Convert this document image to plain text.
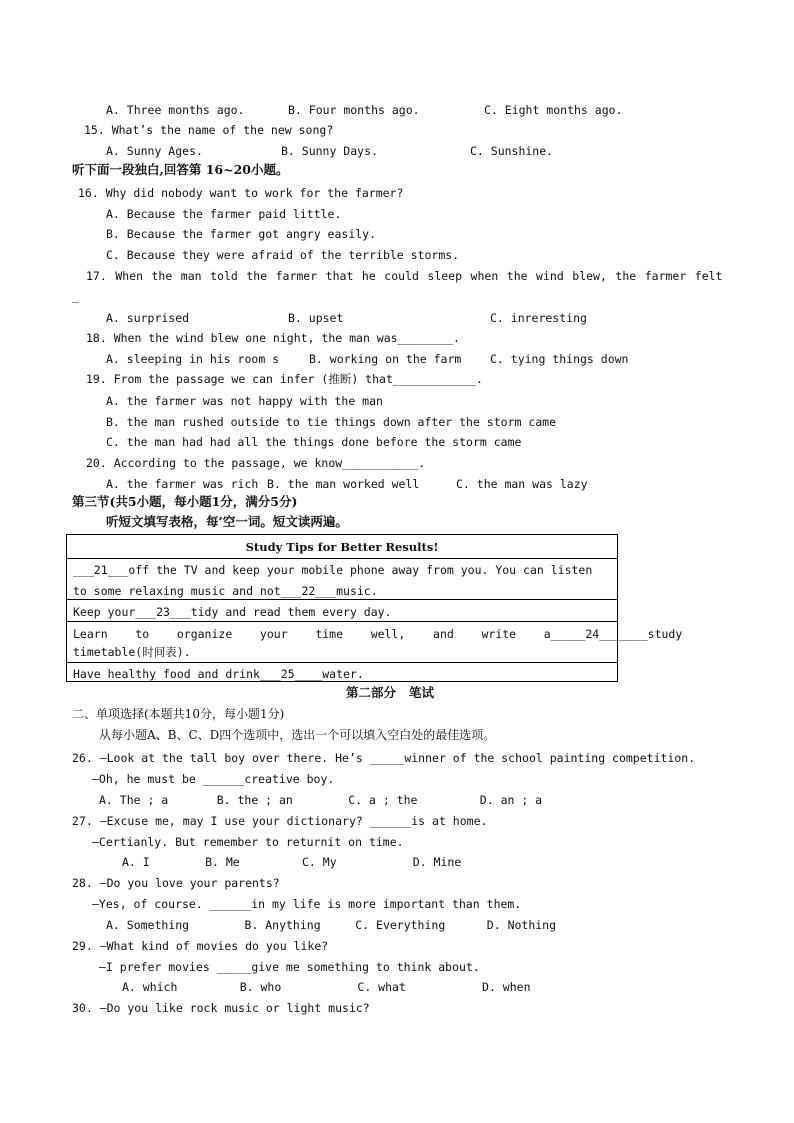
A. Three months ago.	B. Four months ago.	C. Eight months ago.
15. What’s the name of the new song?
A. Sunny Ages.	B. Sunny Days.	C. Sunshine.
听下面一段独白,回答第 16~20小题。
16. Why did nobody want to work for the farmer?
A. Because the farmer paid little.
B. Because the farmer got angry easily.
C. Because they were afraid of the terrible storms.
17. When the man told the farmer that he could sleep when the wind blew, the farmer felt
_
A. surprised	B. upset	C. inreresting
18. When the wind blew one night, the man was________.
A. sleeping in his room s	B. working on the farm C. tying things down
19. From the passage we can infer (推断) that____________.
A. the farmer was not happy with the man
B. the man rushed outside to tie things down after the storm came
C. the man had had all the things done before the storm came
20. According to the passage, we know___________.
A. the farmer was rich B. the man worked well	C. the man was lazy
第三节(共5小题，每小题1分，满分5分)
听短文填写表格，每’空一词。短文读两遍。
Study Tips for Better Results!
___21___off the TV and keep your mobile phone away from you. You can listen
to some relaxing music and not___22___music.
Keep your___23___tidy and read them every day.
Learn    to    organize    your    time    well,    and    write    a_____24_______study
timetable(时间表).
Have healthy food and drink___25____water.
第二部分   笔试
二、单项选择(本题共10分，每小题1分)
从每小题A、B、C、D四个选项中，选出一个可以填入空白处的最佳选项。
26. —Look at the tall boy over there. He’s _____winner of the school painting competition.
—Oh, he must be ______creative boy.
A. The ; a       B. the ; an        C. a ; the         D. an ; a
27. —Excuse me, may I use your dictionary? ______is at home.
—Certianly. But remember to returnit on time.
A. I        B. Me         C. My           D. Mine
28. —Do you love your parents?
—Yes, of course. ______in my life is more important than them.
A. Something        B. Anything     C. Everything      D. Nothing
29. —What kind of movies do you like?
—I prefer movies _____give me something to think about.
A. which         B. who           C. what           D. when
30. —Do you like rock music or light music?
